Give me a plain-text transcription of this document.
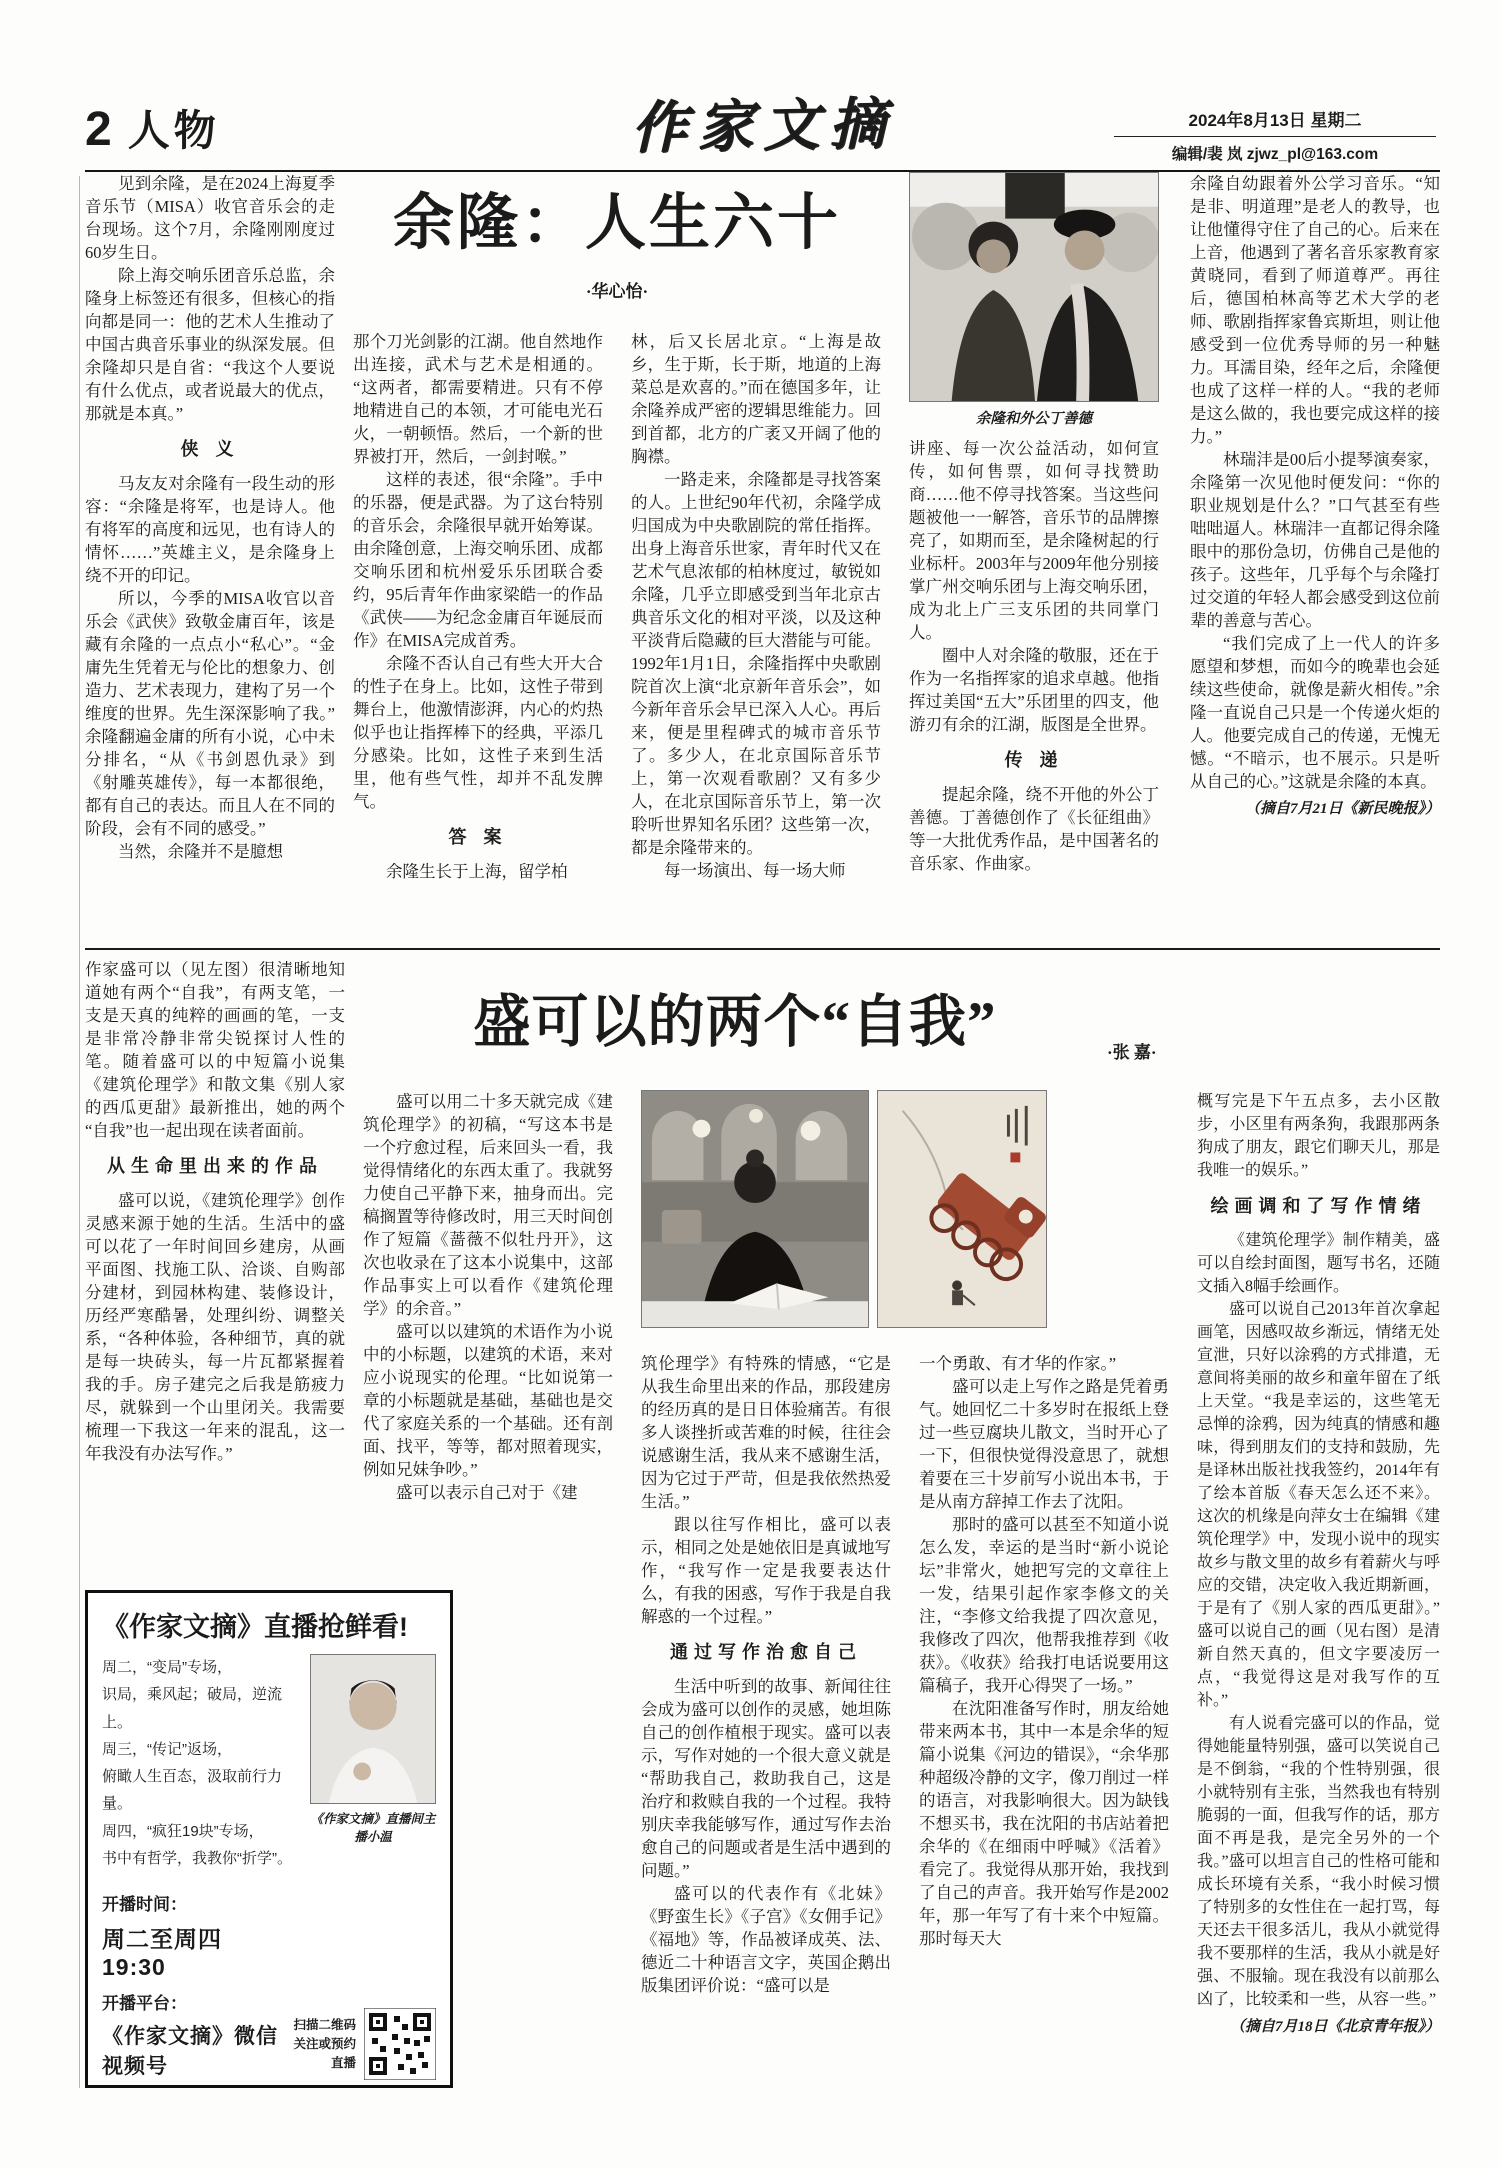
2 人物	作家文摘	2024年8月13日 星期二
编辑/裴 岚 zjwz_pl@163.com
余隆：人生六十
·华心怡·

见到余隆，是在2024上海夏季音乐节（MISA）收官音乐会的走台现场。这个7月，余隆刚刚度过60岁生日。

除上海交响乐团音乐总监，余隆身上标签还有很多，但核心的指向都是同一：他的艺术人生推动了中国古典音乐事业的纵深发展。但余隆却只是自省：“我这个人要说有什么优点，或者说最大的优点，那就是本真。”

侠 义

马友友对余隆有一段生动的形容：“余隆是将军，也是诗人。他有将军的高度和远见，也有诗人的情怀……”英雄主义，是余隆身上绕不开的印记。

所以，今季的MISA收官以音乐会《武侠》致敬金庸百年，该是藏有余隆的一点点小“私心”。“金庸先生凭着无与伦比的想象力、创造力、艺术表现力，建构了另一个维度的世界。先生深深影响了我。”余隆翻遍金庸的所有小说，心中未分排名，“从《书剑恩仇录》到《射雕英雄传》，每一本都很绝，都有自己的表达。而且人在不同的阶段，会有不同的感受。”

当然，余隆并不是臆想

那个刀光剑影的江湖。他自然地作出连接，武术与艺术是相通的。“这两者，都需要精进。只有不停地精进自己的本领，才可能电光石火，一朝顿悟。然后，一个新的世界被打开，然后，一剑封喉。”

这样的表述，很“余隆”。手中的乐器，便是武器。为了这台特别的音乐会，余隆很早就开始筹谋。由余隆创意，上海交响乐团、成都交响乐团和杭州爱乐乐团联合委约，95后青年作曲家梁皓一的作品《武侠——为纪念金庸百年诞辰而作》在MISA完成首秀。

余隆不否认自己有些大开大合的性子在身上。比如，这性子带到舞台上，他激情澎湃，内心的灼热似乎也让指挥棒下的经典，平添几分感染。比如，这性子来到生活里，他有些气性，却并不乱发脾气。

答 案

余隆生长于上海，留学柏

林，后又长居北京。“上海是故乡，生于斯，长于斯，地道的上海菜总是欢喜的。”而在德国多年，让余隆养成严密的逻辑思维能力。回到首都，北方的广袤又开阔了他的胸襟。

一路走来，余隆都是寻找答案的人。上世纪90年代初，余隆学成归国成为中央歌剧院的常任指挥。出身上海音乐世家，青年时代又在艺术气息浓郁的柏林度过，敏锐如余隆，几乎立即感受到当年北京古典音乐文化的相对平淡，以及这种平淡背后隐藏的巨大潜能与可能。1992年1月1日，余隆指挥中央歌剧院首次上演“北京新年音乐会”，如今新年音乐会早已深入人心。再后来，便是里程碑式的城市音乐节了。多少人，在北京国际音乐节上，第一次观看歌剧？又有多少人，在北京国际音乐节上，第一次聆听世界知名乐团？这些第一次，都是余隆带来的。

每一场演出、每一场大师

余隆和外公丁善德

讲座、每一次公益活动，如何宣传，如何售票，如何寻找赞助商……他不停寻找答案。当这些问题被他一一解答，音乐节的品牌擦亮了，如期而至，是余隆树起的行业标杆。2003年与2009年他分别接掌广州交响乐团与上海交响乐团，成为北上广三支乐团的共同掌门人。

圈中人对余隆的敬服，还在于作为一名指挥家的追求卓越。他指挥过美国“五大”乐团里的四支，他游刃有余的江湖，版图是全世界。

传 递

提起余隆，绕不开他的外公丁善德。丁善德创作了《长征组曲》等一大批优秀作品，是中国著名的音乐家、作曲家。

余隆自幼跟着外公学习音乐。“知是非、明道理”是老人的教导，也让他懂得守住了自己的心。后来在上音，他遇到了著名音乐家教育家黄晓同，看到了师道尊严。再往后，德国柏林高等艺术大学的老师、歌剧指挥家鲁宾斯坦，则让他感受到一位优秀导师的另一种魅力。耳濡目染，经年之后，余隆便也成了这样一样的人。“我的老师是这么做的，我也要完成这样的接力。”

林瑞沣是00后小提琴演奏家，余隆第一次见他时便发问：“你的职业规划是什么？”口气甚至有些咄咄逼人。林瑞沣一直都记得余隆眼中的那份急切，仿佛自己是他的孩子。这些年，几乎每个与余隆打过交道的年轻人都会感受到这位前辈的善意与苦心。

“我们完成了上一代人的许多愿望和梦想，而如今的晚辈也会延续这些使命，就像是薪火相传。”余隆一直说自己只是一个传递火炬的人。他要完成自己的传递，无愧无憾。“不暗示，也不展示。只是听从自己的心。”这就是余隆的本真。

（摘自7月21日《新民晚报》）
盛可以的两个“自我”	·张 嘉·

作家盛可以（见左图）很清晰地知道她有两个“自我”，有两支笔，一支是天真的纯粹的画画的笔，一支是非常冷静非常尖锐探讨人性的笔。随着盛可以的中短篇小说集《建筑伦理学》和散文集《别人家的西瓜更甜》最新推出，她的两个“自我”也一起出现在读者面前。

从生命里出来的作品

盛可以说，《建筑伦理学》创作灵感来源于她的生活。生活中的盛可以花了一年时间回乡建房，从画平面图、找施工队、洽谈、自购部分建材，到园林构建、装修设计，历经严寒酷暑，处理纠纷、调整关系，“各种体验，各种细节，真的就是每一块砖头，每一片瓦都紧握着我的手。房子建完之后我是筋疲力尽，就躲到一个山里闭关。我需要梳理一下我这一年来的混乱，这一年我没有办法写作。”

盛可以用二十多天就完成《建筑伦理学》的初稿，“写这本书是一个疗愈过程，后来回头一看，我觉得情绪化的东西太重了。我就努力使自己平静下来，抽身而出。完稿搁置等待修改时，用三天时间创作了短篇《蔷薇不似牡丹开》，这次也收录在了这本小说集中，这部作品事实上可以看作《建筑伦理学》的余音。”

盛可以以建筑的术语作为小说中的小标题，以建筑的术语，来对应小说现实的伦理。“比如说第一章的小标题就是基础，基础也是交代了家庭关系的一个基础。还有剖面、找平，等等，都对照着现实，例如兄妹争吵。”

盛可以表示自己对于《建

筑伦理学》有特殊的情感，“它是从我生命里出来的作品，那段建房的经历真的是日日体验痛苦。有很多人谈挫折或苦难的时候，往往会说感谢生活，我从来不感谢生活，因为它过于严苛，但是我依然热爱生活。”

跟以往写作相比，盛可以表示，相同之处是她依旧是真诚地写作，“我写作一定是我要表达什么，有我的困惑，写作于我是自我解惑的一个过程。”

通过写作治愈自己

生活中听到的故事、新闻往往会成为盛可以创作的灵感，她坦陈自己的创作植根于现实。盛可以表示，写作对她的一个很大意义就是“帮助我自己，救助我自己，这是治疗和救赎自我的一个过程。我特别庆幸我能够写作，通过写作去治愈自己的问题或者是生活中遇到的问题。”

盛可以的代表作有《北妹》《野蛮生长》《子宫》《女佣手记》《福地》等，作品被译成英、法、德近二十种语言文字，英国企鹅出版集团评价说：“盛可以是

一个勇敢、有才华的作家。”

盛可以走上写作之路是凭着勇气。她回忆二十多岁时在报纸上登过一些豆腐块儿散文，当时开心了一下，但很快觉得没意思了，就想着要在三十岁前写小说出本书，于是从南方辞掉工作去了沈阳。

那时的盛可以甚至不知道小说怎么发，幸运的是当时“新小说论坛”非常火，她把写完的文章往上一发，结果引起作家李修文的关注，“李修文给我提了四次意见，我修改了四次，他帮我推荐到《收获》。《收获》给我打电话说要用这篇稿子，我开心得哭了一场。”

在沈阳准备写作时，朋友给她带来两本书，其中一本是余华的短篇小说集《河边的错误》，“余华那种超级冷静的文字，像刀削过一样的语言，对我影响很大。因为缺钱不想买书，我在沈阳的书店站着把余华的《在细雨中呼喊》《活着》看完了。我觉得从那开始，我找到了自己的声音。我开始写作是2002年，那一年写了有十来个中短篇。那时每天大

概写完是下午五点多，去小区散步，小区里有两条狗，我跟那两条狗成了朋友，跟它们聊天儿，那是我唯一的娱乐。”

绘画调和了写作情绪

《建筑伦理学》制作精美，盛可以自绘封面图，题写书名，还随文插入8幅手绘画作。

盛可以说自己2013年首次拿起画笔，因感叹故乡渐远，情绪无处宣泄，只好以涂鸦的方式排遣，无意间将美丽的故乡和童年留在了纸上天堂。“我是幸运的，这些笔无忌惮的涂鸦，因为纯真的情感和趣味，得到朋友们的支持和鼓励，先是译林出版社找我签约，2014年有了绘本首版《春天怎么还不来》。这次的机缘是向萍女士在编辑《建筑伦理学》中，发现小说中的现实故乡与散文里的故乡有着薪火与呼应的交错，决定收入我近期新画，于是有了《别人家的西瓜更甜》。”盛可以说自己的画（见右图）是清新自然天真的，但文字要凌厉一点，“我觉得这是对我写作的互补。”

有人说看完盛可以的作品，觉得她能量特别强，盛可以笑说自己是不倒翁，“我的个性特别强，很小就特别有主张，当然我也有特别脆弱的一面，但我写作的话，那方面不再是我，是完全另外的一个我。”盛可以坦言自己的性格可能和成长环境有关系，“我小时候习惯了特别多的女性住在一起打骂，每天还去干很多活儿，我从小就觉得我不要那样的生活，我从小就是好强、不服输。现在我没有以前那么凶了，比较柔和一些，从容一些。”

（摘自7月18日《北京青年报》）
《作家文摘》直播抢鲜看!
周二，“变局”专场，
识局，乘风起；破局，逆流上。
周三，“传记”返场，
俯瞰人生百态，汲取前行力量。
周四，“疯狂19块”专场，
书中有哲学，我教你“折学”。
《作家文摘》直播间主播小温
开播时间：
周二至周四 19:30
开播平台：
《作家文摘》微信视频号
扫描二维码 关注或预约直播
